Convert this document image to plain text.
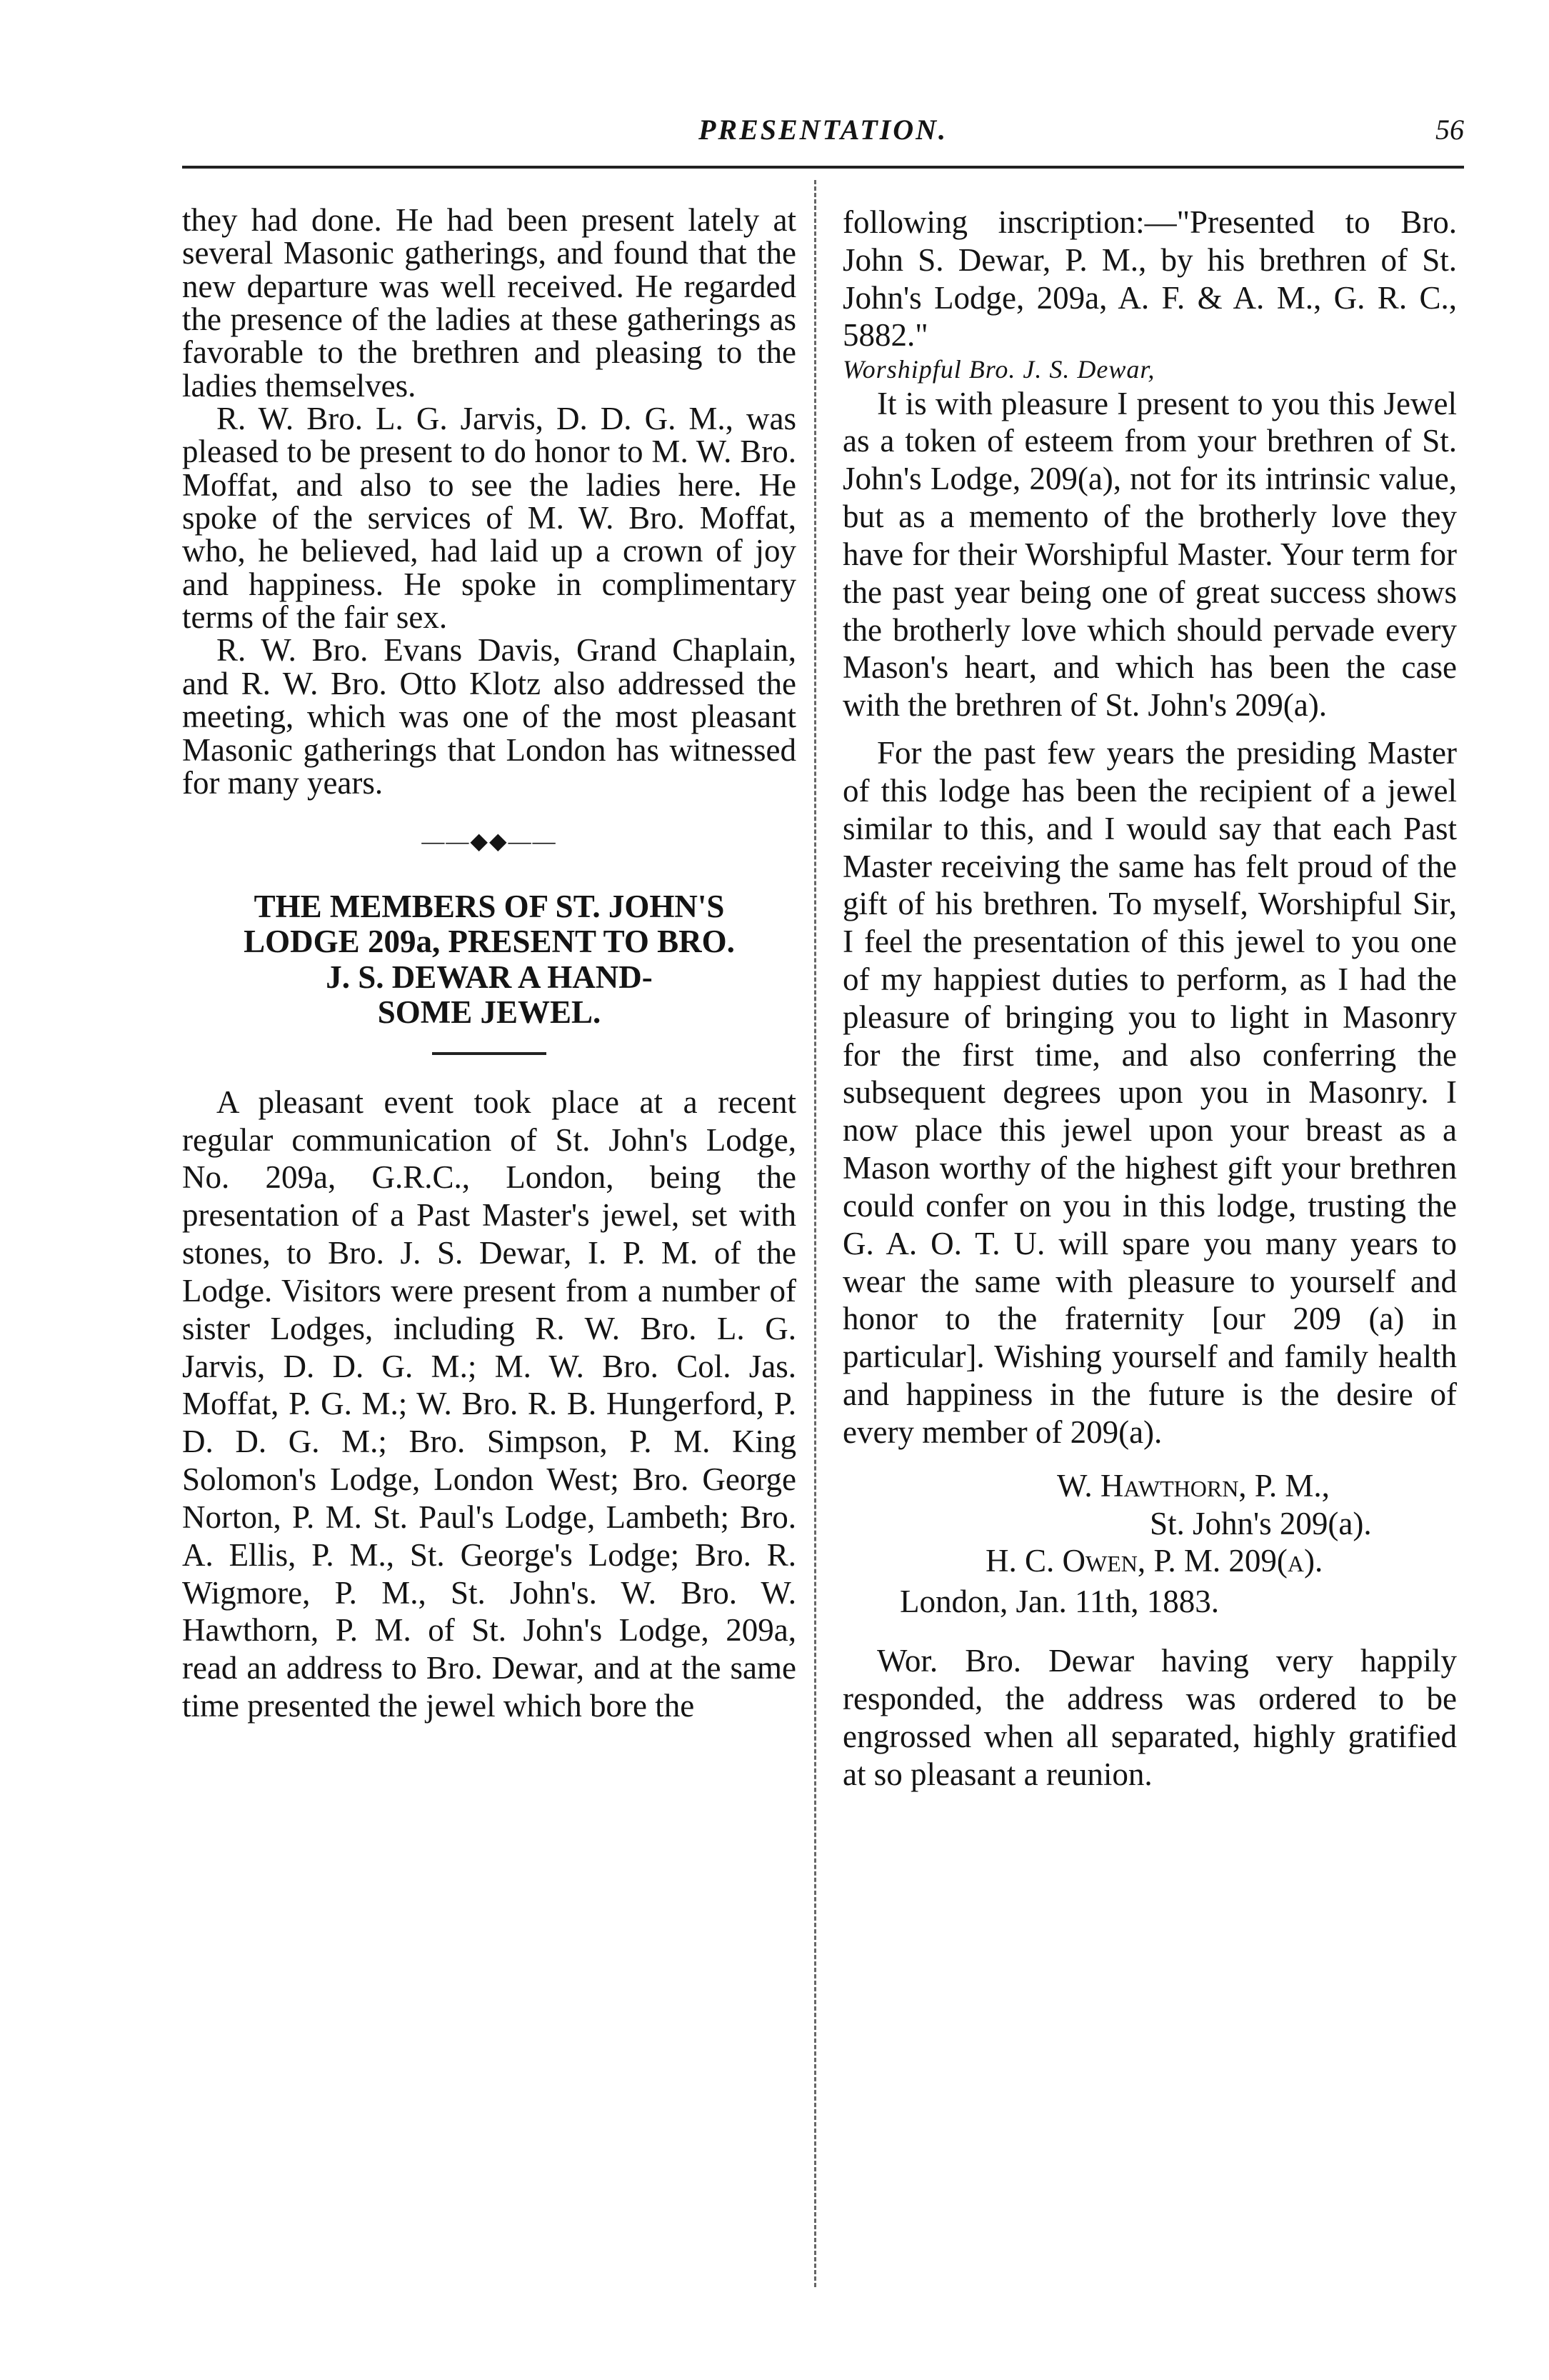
PRESENTATION.	56

they had done. He had been present lately at several Masonic gatherings, and found that the new departure was well received. He regarded the presence of the ladies at these gatherings as favorable to the brethren and pleasing to the ladies themselves.

R. W. Bro. L. G. Jarvis, D. D. G. M., was pleased to be present to do honor to M. W. Bro. Moffat, and also to see the ladies here. He spoke of the services of M. W. Bro. Moffat, who, he believed, had laid up a crown of joy and happiness. He spoke in complimentary terms of the fair sex.

R. W. Bro. Evans Davis, Grand Chaplain, and R. W. Bro. Otto Klotz also addressed the meeting, which was one of the most pleasant Masonic gatherings that London has witnessed for many years.

——◆◆——

THE MEMBERS OF ST. JOHN'S

LODGE 209a, PRESENT TO BRO.

J. S. DEWAR A HAND-

SOME JEWEL.

A pleasant event took place at a recent regular communication of St. John's Lodge, No. 209a, G.R.C., London, being the presentation of a Past Master's jewel, set with stones, to Bro. J. S. Dewar, I. P. M. of the Lodge. Visitors were present from a number of sister Lodges, including R. W. Bro. L. G. Jarvis, D. D. G. M.; M. W. Bro. Col. Jas. Moffat, P. G. M.; W. Bro. R. B. Hungerford, P. D. D. G. M.; Bro. Simpson, P. M. King Solomon's Lodge, London West; Bro. George Norton, P. M. St. Paul's Lodge, Lambeth; Bro. A. Ellis, P. M., St. George's Lodge; Bro. R. Wigmore, P. M., St. John's. W. Bro. W. Hawthorn, P. M. of St. John's Lodge, 209a, read an address to Bro. Dewar, and at the same time presented the jewel which bore the

following inscription:—"Presented to Bro. John S. Dewar, P. M., by his brethren of St. John's Lodge, 209a, A. F. & A. M., G. R. C., 5882."

Worshipful Bro. J. S. Dewar,

It is with pleasure I present to you this Jewel as a token of esteem from your brethren of St. John's Lodge, 209(a), not for its intrinsic value, but as a memento of the brotherly love they have for their Worshipful Master. Your term for the past year being one of great success shows the brotherly love which should pervade every Mason's heart, and which has been the case with the brethren of St. John's 209(a).

For the past few years the presiding Master of this lodge has been the recipient of a jewel similar to this, and I would say that each Past Master receiving the same has felt proud of the gift of his brethren. To myself, Worshipful Sir, I feel the presentation of this jewel to you one of my happiest duties to perform, as I had the pleasure of bringing you to light in Masonry for the first time, and also conferring the subsequent degrees upon you in Masonry. I now place this jewel upon your breast as a Mason worthy of the highest gift your brethren could confer on you in this lodge, trusting the G. A. O. T. U. will spare you many years to wear the same with pleasure to yourself and honor to the fraternity [our 209 (a) in particular]. Wishing yourself and family health and happiness in the future is the desire of every member of 209(a).

W. Hawthorn, P. M.,
St. John's 209(a).
H. C. Owen, P. M. 209(a).
London, Jan. 11th, 1883.

Wor. Bro. Dewar having very happily responded, the address was ordered to be engrossed when all separated, highly gratified at so pleasant a reunion.
